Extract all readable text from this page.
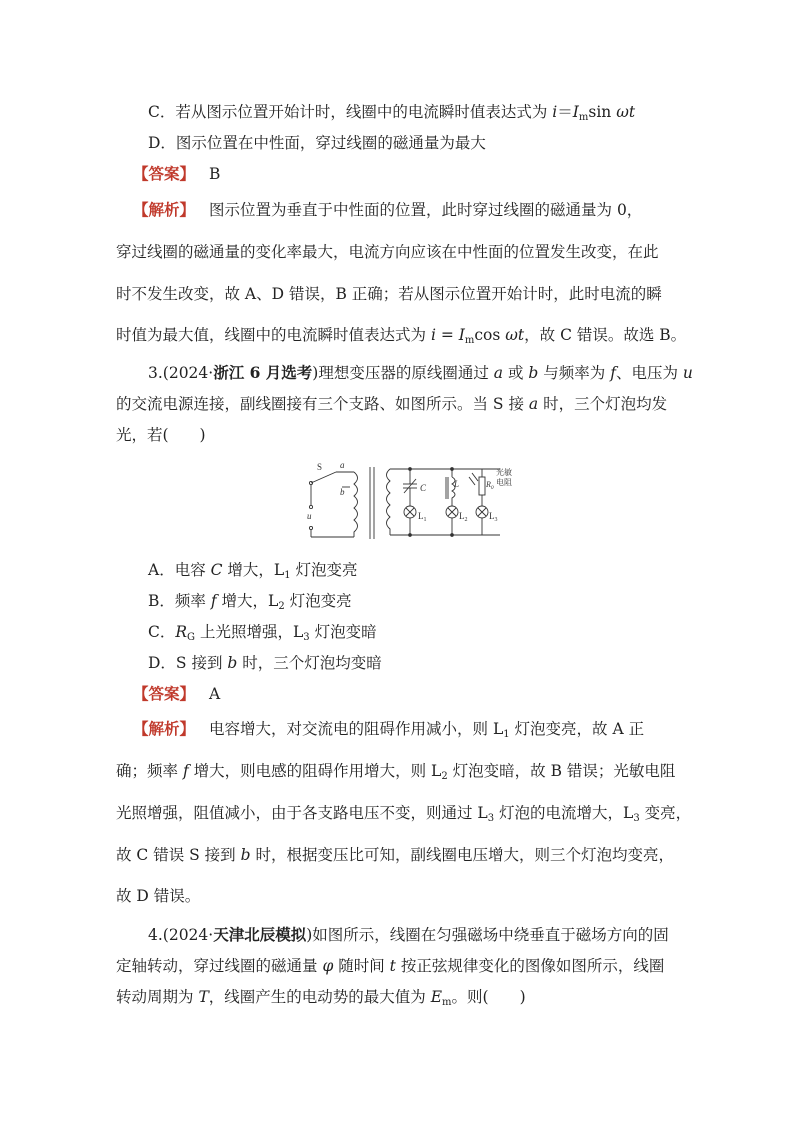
C．若从图示位置开始计时，线圈中的电流瞬时值表达式为 $i=I_m\sin$ ωt
D．图示位置在中性面，穿过线圈的磁通量为最大
【答案】 B
【解析】 图示位置为垂直于中性面的位置，此时穿过线圈的磁通量为 0，
穿过线圈的磁通量的变化率最大，电流方向应该在中性面的位置发生改变，在此
时不发生改变，故 A、D 错误，B 正确；若从图示位置开始计时，此时电流的瞬
时值为最大值，线圈中的电流瞬时值表达式为 $i = I_m\cos$ ωt，故 C 错误。故选 B。
3.(2024·浙江 6 月选考)理想变压器的原线圈通过 a 或 b 与频率为 f、电压为 u
的交流电源连接，副线圈接有三个支路、如图所示。当 S 接 a 时，三个灯泡均发
光，若(　　)
S a
b
u
C
$L_1$
L
$L_2$
$R_0$
光敏
电阻
$L_3$
A．电容 C 增大，$L_1$ 灯泡变亮
B．频率 f 增大，$L_2$ 灯泡变亮
C．$R_G$ 上光照增强，$L_3$ 灯泡变暗
D．S 接到 b 时，三个灯泡均变暗
【答案】 A
【解析】 电容增大，对交流电的阻碍作用减小，则 $L_1$ 灯泡变亮，故 A 正
确；频率 f 增大，则电感的阻碍作用增大，则 $L_2$ 灯泡变暗，故 B 错误；光敏电阻
光照增强，阻值减小，由于各支路电压不变，则通过 $L_3$ 灯泡的电流增大，$L_3$ 变亮，
故 C 错误 S 接到 b 时，根据变压比可知，副线圈电压增大，则三个灯泡均变亮，
故 D 错误。
4.(2024·天津北辰模拟)如图所示，线圈在匀强磁场中绕垂直于磁场方向的固
定轴转动，穿过线圈的磁通量 φ 随时间 t 按正弦规律变化的图像如图所示，线圈
转动周期为 T，线圈产生的电动势的最大值为 $E_m$。则(　　)
